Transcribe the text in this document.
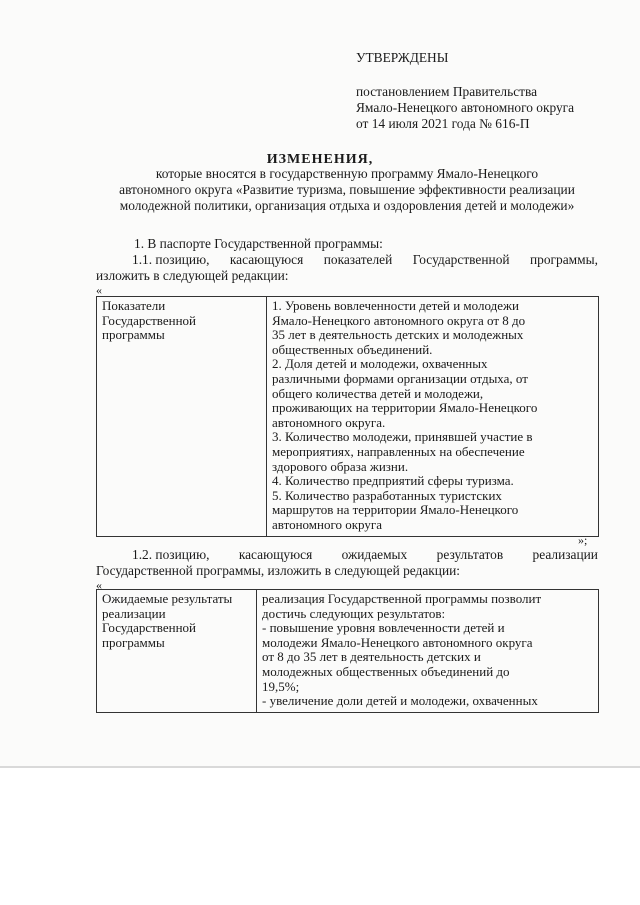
УТВЕРЖДЕНЫ
постановлением Правительства
Ямало-Ненецкого автономного округа
от 14 июля 2021 года № 616-П
ИЗМЕНЕНИЯ,
которые вносятся в государственную программу Ямало-Ненецкого
автономного округа «Развитие туризма, повышение эффективности реализации
молодежной политики, организация отдыха и оздоровления детей и молодежи»
1. В паспорте Государственной программы:
1.1. позицию, касающуюся показателей Государственной программы,
изложить в следующей редакции:
«
Показатели
Государственной
программы

1. Уровень вовлеченности детей и молодежи
Ямало-Ненецкого автономного округа от 8 до
35 лет в деятельность детских и молодежных
общественных объединений.
2. Доля детей и молодежи, охваченных
различными формами организации отдыха, от
общего количества детей и молодежи,
проживающих на территории Ямало-Ненецкого
автономного округа.
3. Количество молодежи, принявшей участие в
мероприятиях, направленных на обеспечение
здорового образа жизни.
4. Количество предприятий сферы туризма.
5. Количество разработанных туристских
маршрутов на территории Ямало-Ненецкого
автономного округа
»;
1.2. позицию, касающуюся ожидаемых результатов реализации
Государственной программы, изложить в следующей редакции:
«
Ожидаемые результаты
реализации
Государственной
программы

реализация Государственной программы позволит
достичь следующих результатов:
- повышение уровня вовлеченности детей и
молодежи Ямало-Ненецкого автономного округа
от 8 до 35 лет в деятельность детских и
молодежных общественных объединений до
19,5%;
- увеличение доли детей и молодежи, охваченных
